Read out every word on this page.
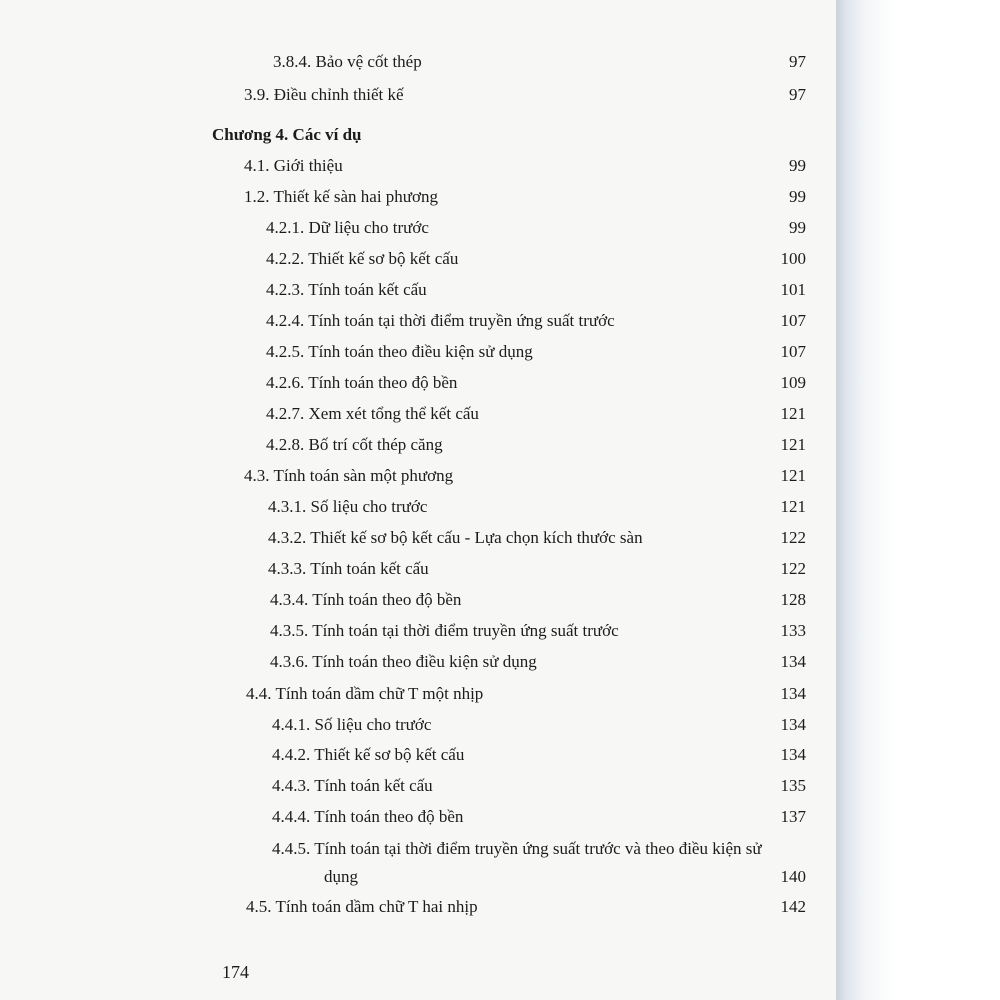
3.8.4. Bảo vệ cốt thép	97
3.9. Điều chỉnh thiết kế	97
Chương 4. Các ví dụ
4.1. Giới thiệu	99
1.2. Thiết kế sàn hai phương	99
4.2.1. Dữ liệu cho trước	99
4.2.2. Thiết kế sơ bộ kết cấu	100
4.2.3. Tính toán kết cấu	101
4.2.4. Tính toán tại thời điểm truyền ứng suất trước	107
4.2.5. Tính toán theo điều kiện sử dụng	107
4.2.6. Tính toán theo độ bền	109
4.2.7. Xem xét tổng thể kết cấu	121
4.2.8. Bố trí cốt thép căng	121
4.3. Tính toán sàn một phương	121
4.3.1. Số liệu cho trước	121
4.3.2. Thiết kế sơ bộ kết cấu - Lựa chọn kích thước sàn	122
4.3.3. Tính toán kết cấu	122
4.3.4. Tính toán theo độ bền	128
4.3.5. Tính toán tại thời điểm truyền ứng suất trước	133
4.3.6. Tính toán theo điều kiện sử dụng	134
4.4. Tính toán dầm chữ T một nhịp	134
4.4.1. Số liệu cho trước	134
4.4.2. Thiết kế sơ bộ kết cấu	134
4.4.3. Tính toán kết cấu	135
4.4.4. Tính toán theo độ bền	137
4.4.5. Tính toán tại thời điểm truyền ứng suất trước và theo điều kiện sử dụng	140
4.5. Tính toán dầm chữ T hai nhịp	142
174
